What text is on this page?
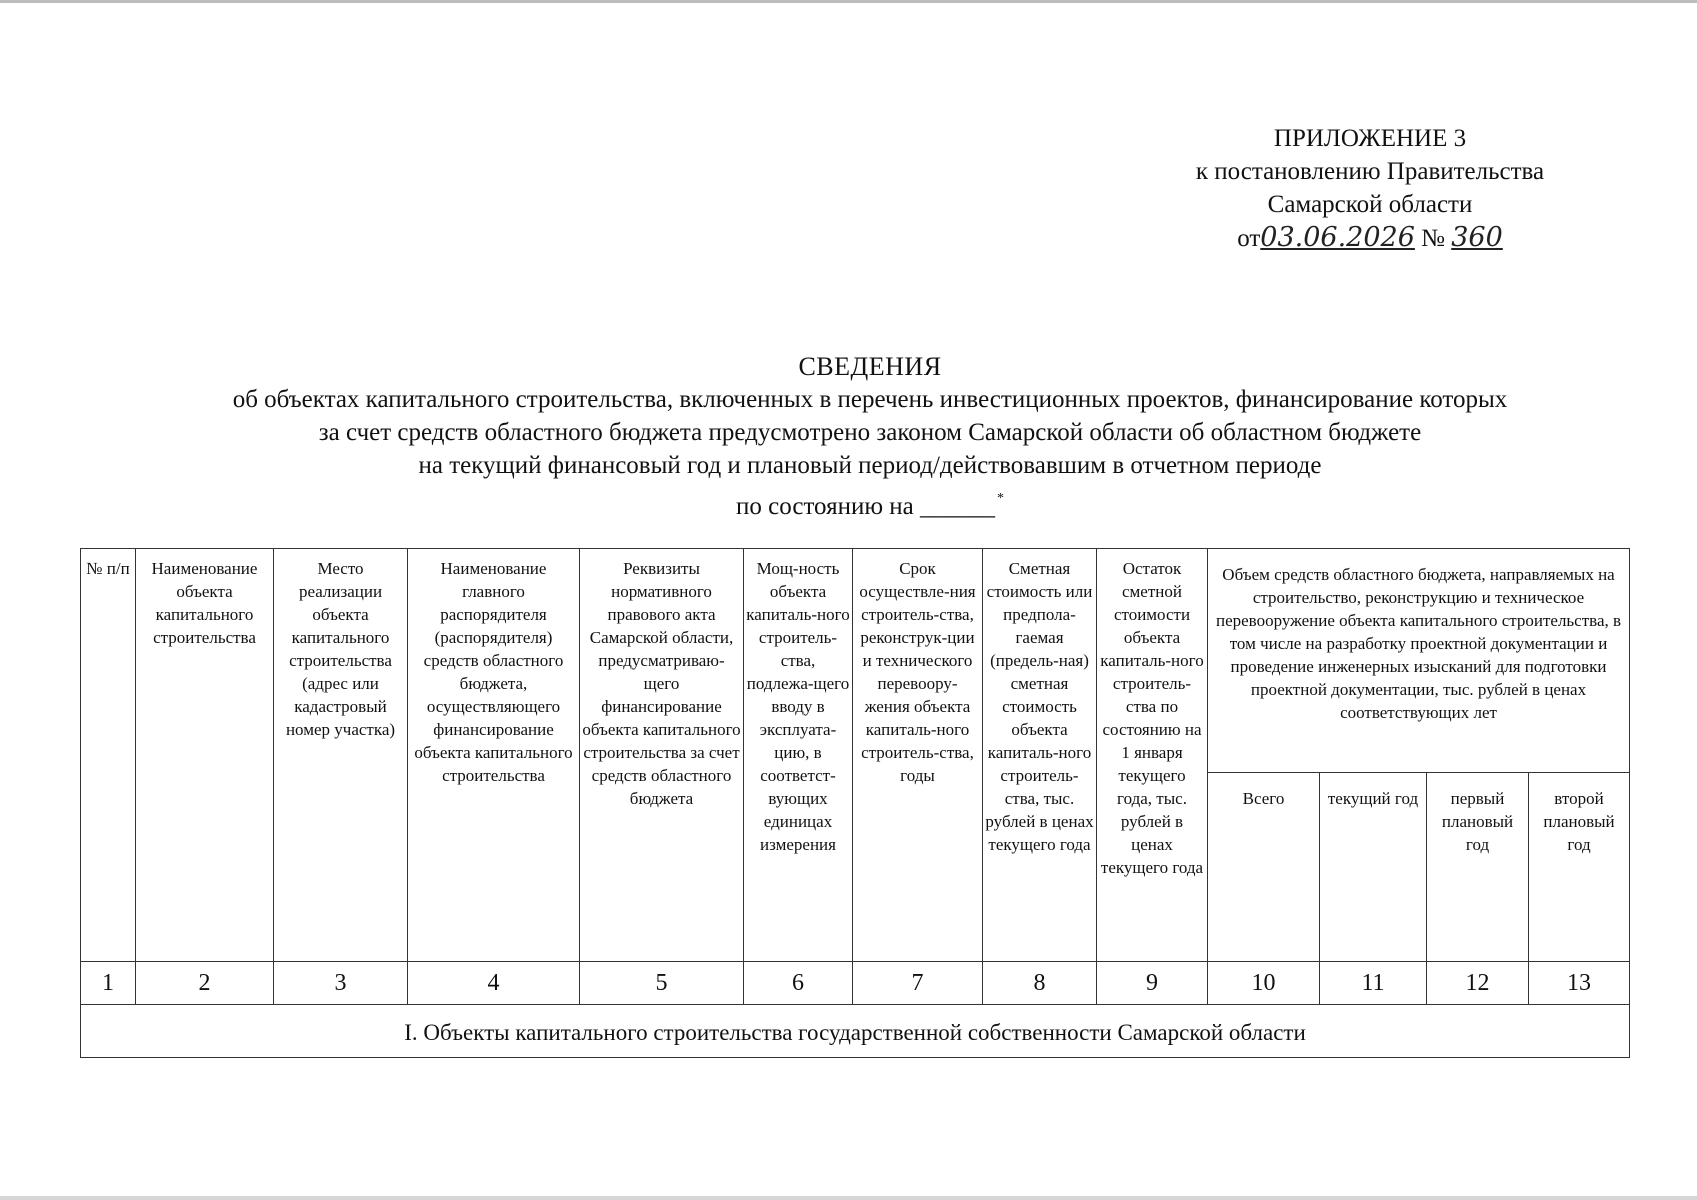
ПРИЛОЖЕНИЕ 3
к постановлению Правительства
Самарской области
от03.06.2026 № 360
СВЕДЕНИЯ
об объектах капитального строительства, включенных в перечень инвестиционных проектов, финансирование которых
за счет средств областного бюджета предусмотрено законом Самарской области об областном бюджете
на текущий финансовый год и плановый период/действовавшим в отчетном периоде
по состоянию на ______ *
№ п/п	Наименование объекта капитального строительства	Место реализации объекта капитального строительства (адрес или кадастровый номер участка)	Наименование главного распорядителя (распорядителя) средств областного бюджета, осуществляющего финансирование объекта капитального строительства	Реквизиты нормативного правового акта Самарской области, предусматриваю-щего финансирование объекта капитального строительства за счет средств областного бюджета	Мощ-ность объекта капиталь-ного строитель-ства, подлежа-щего вводу в эксплуата-цию, в соответст-вующих единицах измерения	Срок осуществле-ния строитель-ства, реконструк-ции и технического перевоору-жения объекта капиталь-ного строитель-ства, годы	Сметная стоимость или предпола-гаемая (предель-ная) сметная стоимость объекта капиталь-ного строитель-ства, тыс. рублей в ценах текущего года	Остаток сметной стоимости объекта капиталь-ного строитель-ства по состоянию на 1 января текущего года, тыс. рублей в ценах текущего года	Объем средств областного бюджета, направляемых на строительство, реконструкцию и техническое перевооружение объекта капитального строительства, в том числе на разработку проектной документации и проведение инженерных изысканий для подготовки проектной документации, тыс. рублей в ценах соответствующих лет			
									Всего	текущий год	первый плановый год	второй плановый год
1	2	3	4	5	6	7	8	9	10	11	12	13
I. Объекты капитального строительства государственной собственности Самарской области												
